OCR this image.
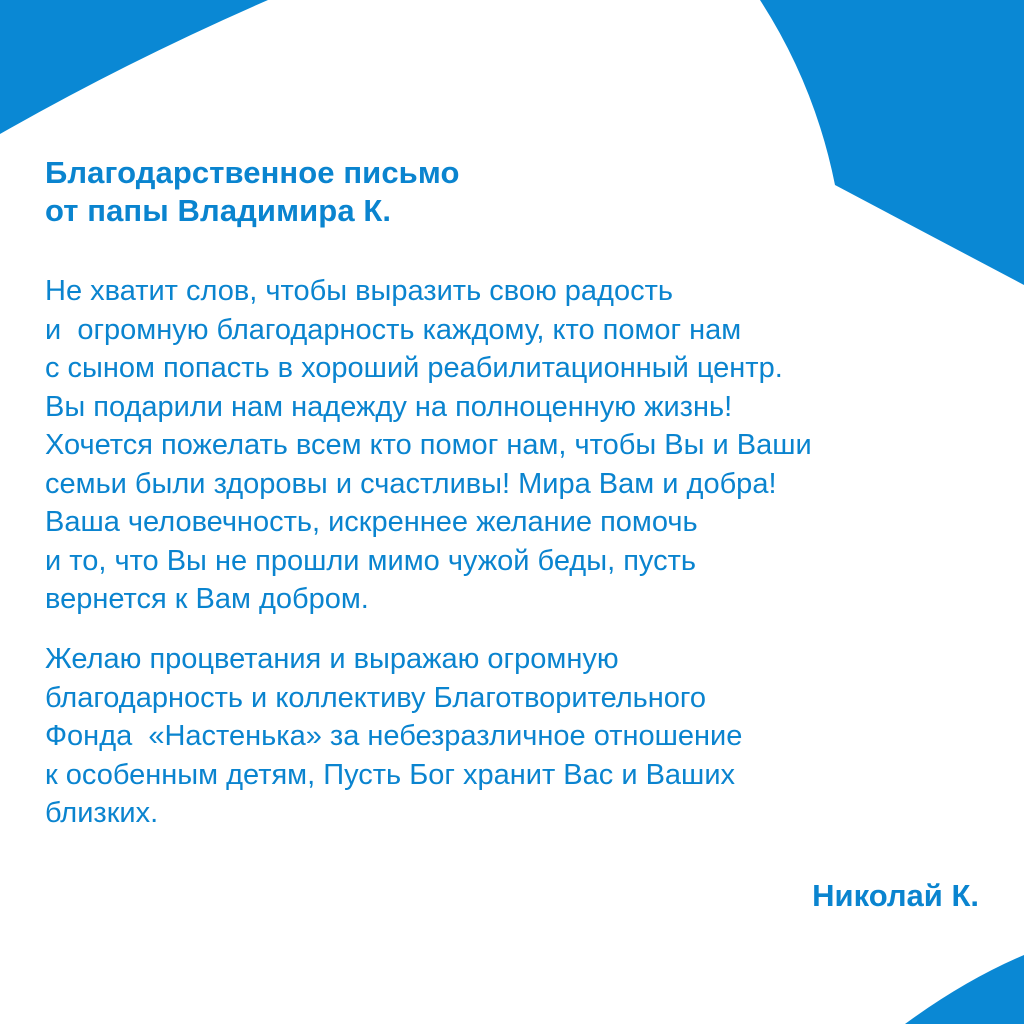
Благодарственное письмо
от папы Владимира К.

Не хватит слов, чтобы выразить свою радость
и  огромную благодарность каждому, кто помог нам
с сыном попасть в хороший реабилитационный центр.
Вы подарили нам надежду на полноценную жизнь!
Хочется пожелать всем кто помог нам, чтобы Вы и Ваши
семьи были здоровы и счастливы! Мира Вам и добра!
Ваша человечность, искреннее желание помочь
и то, что Вы не прошли мимо чужой беды, пусть
вернется к Вам добром.

Желаю процветания и выражаю огромную
благодарность и коллективу Благотворительного
Фонда  «Настенька» за небезразличное отношение
к особенным детям, Пусть Бог хранит Вас и Ваших
близких.

Николай К.
